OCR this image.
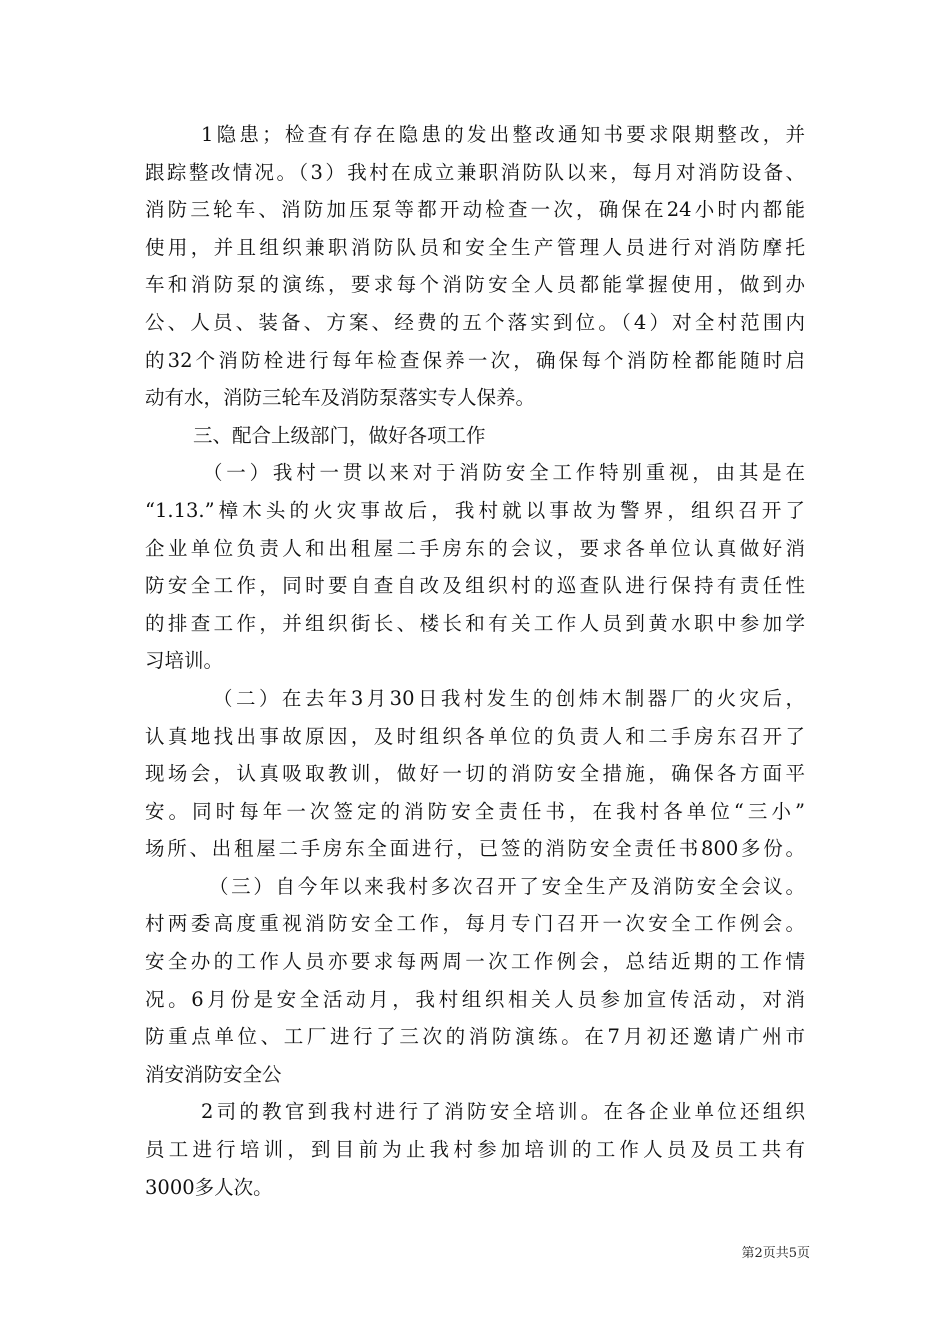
1隐患；检查有存在隐患的发出整改通知书要求限期整改，并
跟踪整改情况。（3）我村在成立兼职消防队以来，每月对消防设备、
消防三轮车、消防加压泵等都开动检查一次，确保在24小时内都能
使用，并且组织兼职消防队员和安全生产管理人员进行对消防摩托
车和消防泵的演练，要求每个消防安全人员都能掌握使用，做到办
公、人员、装备、方案、经费的五个落实到位。（4）对全村范围内
的32个消防栓进行每年检查保养一次，确保每个消防栓都能随时启
动有水，消防三轮车及消防泵落实专人保养。
三、配合上级部门，做好各项工作
（一）我村一贯以来对于消防安全工作特别重视，由其是在
“1.13.”樟木头的火灾事故后，我村就以事故为警界，组织召开了
企业单位负责人和出租屋二手房东的会议，要求各单位认真做好消
防安全工作，同时要自查自改及组织村的巡查队进行保持有责任性
的排查工作，并组织街长、楼长和有关工作人员到黄水职中参加学
习培训。
（二）在去年3月30日我村发生的创炜木制器厂的火灾后，
认真地找出事故原因，及时组织各单位的负责人和二手房东召开了
现场会，认真吸取教训，做好一切的消防安全措施，确保各方面平
安。同时每年一次签定的消防安全责任书，在我村各单位“三小”
场所、出租屋二手房东全面进行，已签的消防安全责任书800多份。
（三）自今年以来我村多次召开了安全生产及消防安全会议。
村两委高度重视消防安全工作，每月专门召开一次安全工作例会。
安全办的工作人员亦要求每两周一次工作例会，总结近期的工作情
况。6月份是安全活动月，我村组织相关人员参加宣传活动，对消
防重点单位、工厂进行了三次的消防演练。在7月初还邀请广州市
消安消防安全公
2司的教官到我村进行了消防安全培训。在各企业单位还组织
员工进行培训，到目前为止我村参加培训的工作人员及员工共有
3000多人次。
第2页共5页
